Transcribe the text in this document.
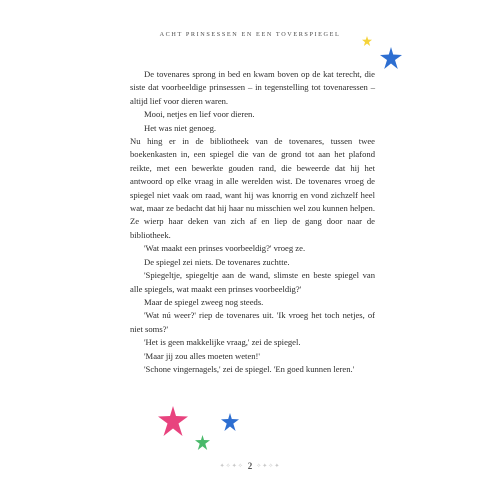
ACHT PRINSESSEN EN EEN TOVERSPIEGEL

De tovenares sprong in bed en kwam boven op de kat terecht, die siste dat voorbeeldige prinsessen – in tegenstelling tot tovenaressen – altijd lief voor dieren waren.

Mooi, netjes en lief voor dieren.

Het was niet genoeg.

Nu hing er in de bibliotheek van de tovenares, tussen twee boekenkasten in, een spiegel die van de grond tot aan het plafond reikte, met een bewerkte gouden rand, die beweerde dat hij het antwoord op elke vraag in alle werelden wist. De tovenares vroeg de spiegel niet vaak om raad, want hij was knorrig en vond zichzelf heel wat, maar ze bedacht dat hij haar nu misschien wel zou kunnen helpen. Ze wierp haar deken van zich af en liep de gang door naar de bibliotheek.

'Wat maakt een prinses voorbeeldig?' vroeg ze.

De spiegel zei niets. De tovenares zuchtte.

'Spiegeltje, spiegeltje aan de wand, slimste en beste spiegel van alle spiegels, wat maakt een prinses voorbeeldig?'

Maar de spiegel zweeg nog steeds.

'Wat nú weer?' riep de tovenares uit. 'Ik vroeg het toch netjes, of niet soms?'

'Het is geen makkelijke vraag,' zei de spiegel.

'Maar jij zou alles moeten weten!'

'Schone vingernagels,' zei de spiegel. 'En goed kunnen leren.'

✦✧✦✧ 2 ✧✦✧✦
